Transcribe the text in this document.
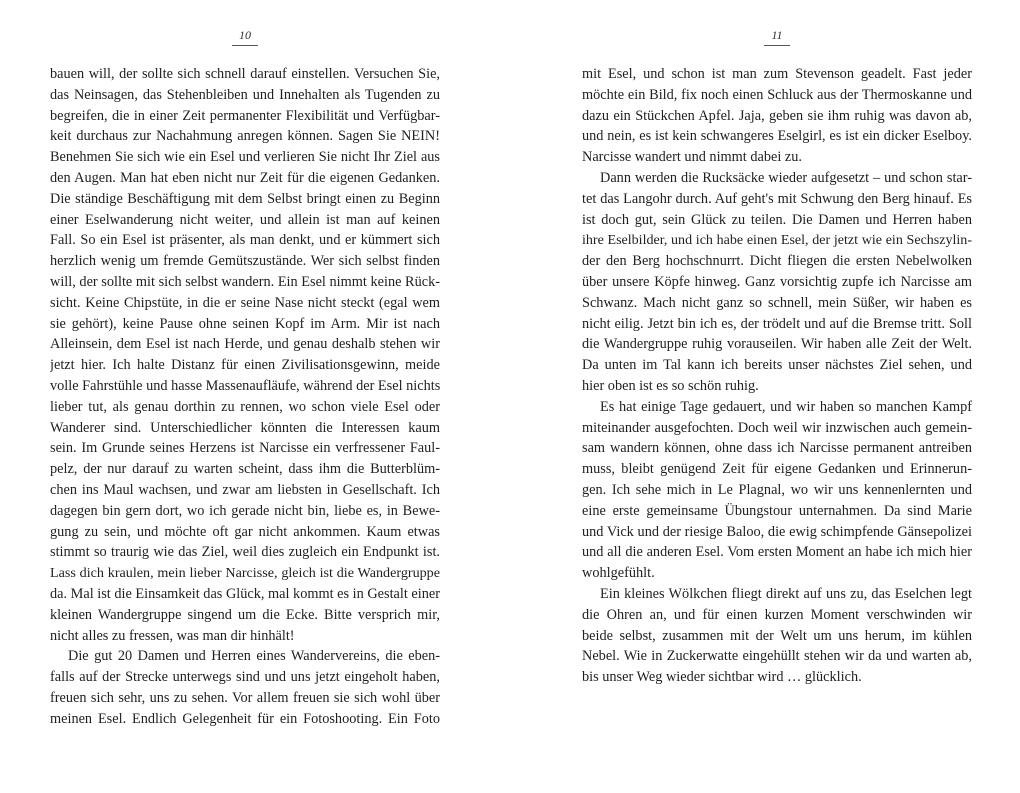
10
bauen will, der sollte sich schnell darauf einstellen. Versuchen Sie,
das Neinsagen, das Stehenbleiben und Innehalten als Tugenden zu
begreifen, die in einer Zeit permanenter Flexibilität und Verfügbar-
keit durchaus zur Nachahmung anregen können. Sagen Sie NEIN!
Benehmen Sie sich wie ein Esel und verlieren Sie nicht Ihr Ziel aus
den Augen. Man hat eben nicht nur Zeit für die eigenen Gedanken.
Die ständige Beschäftigung mit dem Selbst bringt einen zu Beginn
einer Eselwanderung nicht weiter, und allein ist man auf keinen
Fall. So ein Esel ist präsenter, als man denkt, und er kümmert sich
herzlich wenig um fremde Gemütszustände. Wer sich selbst finden
will, der sollte mit sich selbst wandern. Ein Esel nimmt keine Rück-
sicht. Keine Chipstüte, in die er seine Nase nicht steckt (egal wem
sie gehört), keine Pause ohne seinen Kopf im Arm. Mir ist nach
Alleinsein, dem Esel ist nach Herde, und genau deshalb stehen wir
jetzt hier. Ich halte Distanz für einen Zivilisationsgewinn, meide
volle Fahrstühle und hasse Massenaufläufe, während der Esel nichts
lieber tut, als genau dorthin zu rennen, wo schon viele Esel oder
Wanderer sind. Unterschiedlicher könnten die Interessen kaum
sein. Im Grunde seines Herzens ist Narcisse ein verfressener Faul-
pelz, der nur darauf zu warten scheint, dass ihm die Butterblüm-
chen ins Maul wachsen, und zwar am liebsten in Gesellschaft. Ich
dagegen bin gern dort, wo ich gerade nicht bin, liebe es, in Bewe-
gung zu sein, und möchte oft gar nicht ankommen. Kaum etwas
stimmt so traurig wie das Ziel, weil dies zugleich ein Endpunkt ist.
Lass dich kraulen, mein lieber Narcisse, gleich ist die Wandergruppe
da. Mal ist die Einsamkeit das Glück, mal kommt es in Gestalt einer
kleinen Wandergruppe singend um die Ecke. Bitte versprich mir,
nicht alles zu fressen, was man dir hinhält!
Die gut 20 Damen und Herren eines Wandervereins, die eben-
falls auf der Strecke unterwegs sind und uns jetzt eingeholt haben,
freuen sich sehr, uns zu sehen. Vor allem freuen sie sich wohl über
meinen Esel. Endlich Gelegenheit für ein Fotoshooting. Ein Foto
11
mit Esel, und schon ist man zum Stevenson geadelt. Fast jeder
möchte ein Bild, fix noch einen Schluck aus der Thermoskanne und
dazu ein Stückchen Apfel. Jaja, geben sie ihm ruhig was davon ab,
und nein, es ist kein schwangeres Eselgirl, es ist ein dicker Eselboy.
Narcisse wandert und nimmt dabei zu.
Dann werden die Rucksäcke wieder aufgesetzt – und schon star-
tet das Langohr durch. Auf geht's mit Schwung den Berg hinauf. Es
ist doch gut, sein Glück zu teilen. Die Damen und Herren haben
ihre Eselbilder, und ich habe einen Esel, der jetzt wie ein Sechszylin-
der den Berg hochschnurrt. Dicht fliegen die ersten Nebelwolken
über unsere Köpfe hinweg. Ganz vorsichtig zupfe ich Narcisse am
Schwanz. Mach nicht ganz so schnell, mein Süßer, wir haben es
nicht eilig. Jetzt bin ich es, der trödelt und auf die Bremse tritt. Soll
die Wandergruppe ruhig vorauseilen. Wir haben alle Zeit der Welt.
Da unten im Tal kann ich bereits unser nächstes Ziel sehen, und
hier oben ist es so schön ruhig.
Es hat einige Tage gedauert, und wir haben so manchen Kampf
miteinander ausgefochten. Doch weil wir inzwischen auch gemein-
sam wandern können, ohne dass ich Narcisse permanent antreiben
muss, bleibt genügend Zeit für eigene Gedanken und Erinnerun-
gen. Ich sehe mich in Le Plagnal, wo wir uns kennenlernten und
eine erste gemeinsame Übungstour unternahmen. Da sind Marie
und Vick und der riesige Baloo, die ewig schimpfende Gänsepolizei
und all die anderen Esel. Vom ersten Moment an habe ich mich hier
wohlgefühlt.
Ein kleines Wölkchen fliegt direkt auf uns zu, das Eselchen legt
die Ohren an, und für einen kurzen Moment verschwinden wir
beide selbst, zusammen mit der Welt um uns herum, im kühlen
Nebel. Wie in Zuckerwatte eingehüllt stehen wir da und warten ab,
bis unser Weg wieder sichtbar wird … glücklich.
